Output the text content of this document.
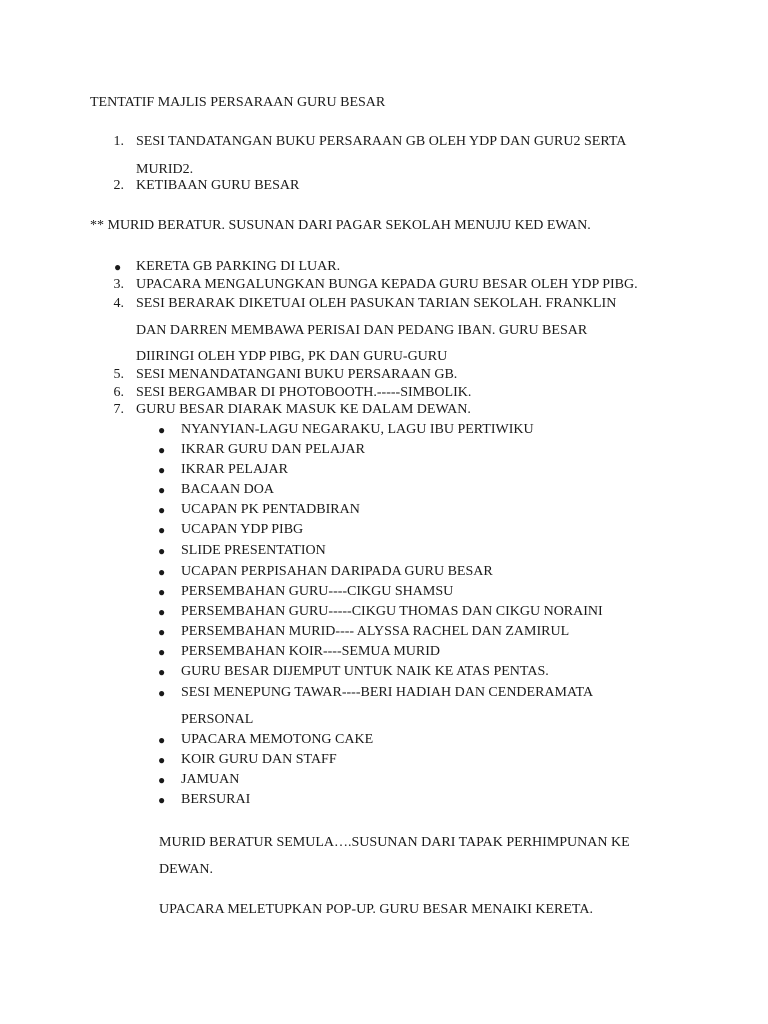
TENTATIF MAJLIS PERSARAAN GURU BESAR
1. SESI TANDATANGAN BUKU PERSARAAN GB OLEH YDP DAN GURU2 SERTA
MURID2.
2. KETIBAAN GURU BESAR
** MURID BERATUR. SUSUNAN DARI PAGAR SEKOLAH MENUJU KED EWAN.
● KERETA GB PARKING DI LUAR.
3. UPACARA MENGALUNGKAN BUNGA KEPADA GURU BESAR OLEH YDP PIBG.
4. SESI BERARAK DIKETUAI OLEH PASUKAN TARIAN SEKOLAH. FRANKLIN
DAN DARREN MEMBAWA PERISAI DAN PEDANG IBAN. GURU BESAR
DIIRINGI OLEH YDP PIBG, PK DAN GURU-GURU
5. SESI MENANDATANGANI BUKU PERSARAAN GB.
6. SESI BERGAMBAR DI PHOTOBOOTH.-----SIMBOLIK.
7. GURU BESAR DIARAK MASUK KE DALAM DEWAN.
● NYANYIAN-LAGU NEGARAKU, LAGU IBU PERTIWIKU
● IKRAR GURU DAN PELAJAR
● IKRAR PELAJAR
● BACAAN DOA
● UCAPAN PK PENTADBIRAN
● UCAPAN YDP PIBG
● SLIDE PRESENTATION
● UCAPAN PERPISAHAN DARIPADA GURU BESAR
● PERSEMBAHAN GURU----CIKGU SHAMSU
● PERSEMBAHAN GURU-----CIKGU THOMAS DAN CIKGU NORAINI
● PERSEMBAHAN MURID---- ALYSSA RACHEL DAN ZAMIRUL
● PERSEMBAHAN KOIR----SEMUA MURID
● GURU BESAR DIJEMPUT UNTUK NAIK KE ATAS PENTAS.
● SESI MENEPUNG TAWAR----BERI HADIAH DAN CENDERAMATA
PERSONAL
● UPACARA MEMOTONG CAKE
● KOIR GURU DAN STAFF
● JAMUAN
● BERSURAI
MURID BERATUR SEMULA….SUSUNAN DARI TAPAK PERHIMPUNAN KE
DEWAN.
UPACARA MELETUPKAN POP-UP. GURU BESAR MENAIKI KERETA.
